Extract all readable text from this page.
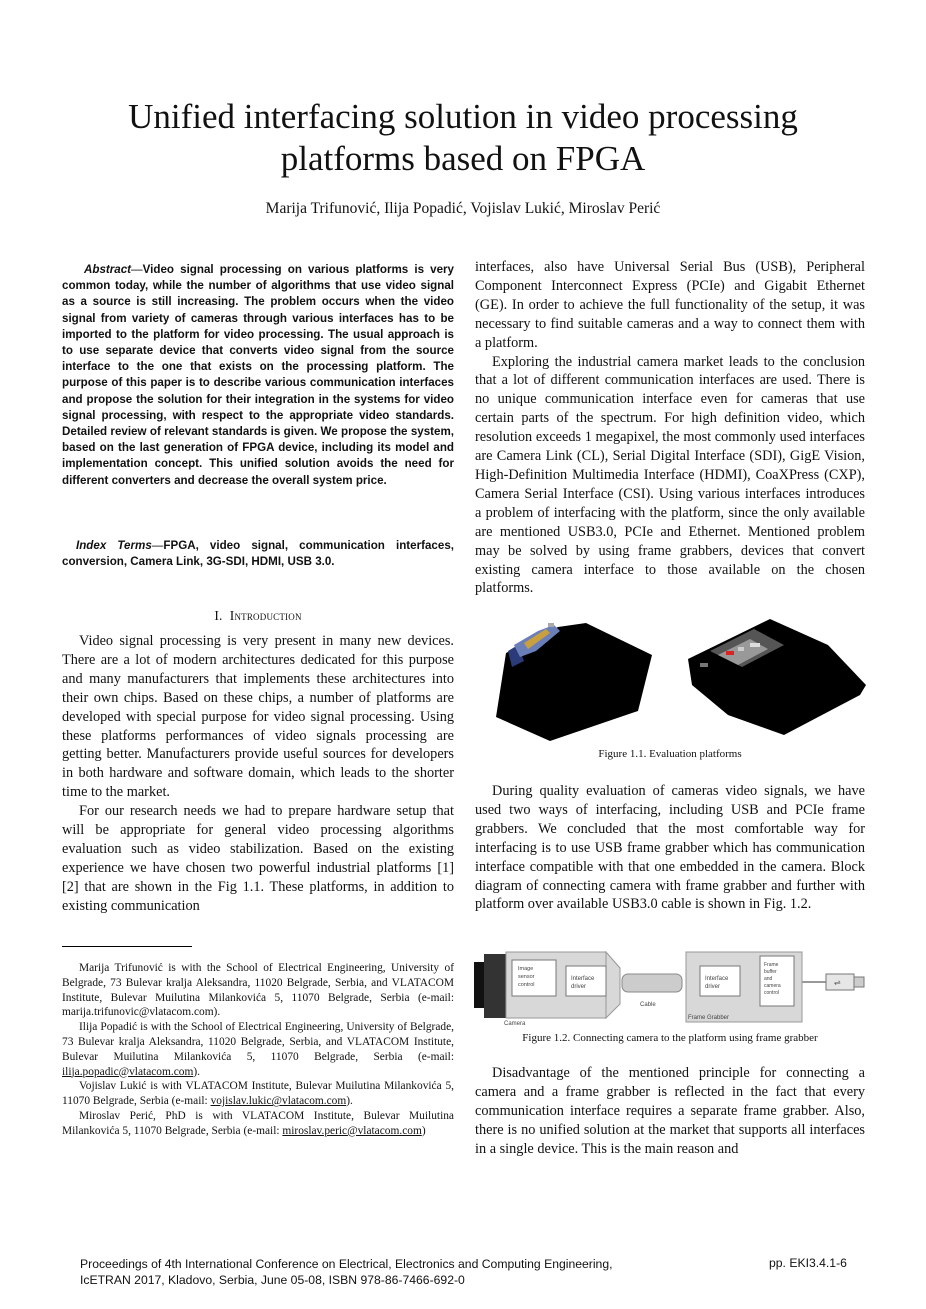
Unified interfacing solution in video processing platforms based on FPGA
Marija Trifunović, Ilija Popadić, Vojislav Lukić, Miroslav Perić
Abstract—Video signal processing on various platforms is very common today, while the number of algorithms that use video signal as a source is still increasing. The problem occurs when the video signal from variety of cameras through various interfaces has to be imported to the platform for video processing. The usual approach is to use separate device that converts video signal from the source interface to the one that exists on the processing platform. The purpose of this paper is to describe various communication interfaces and propose the solution for their integration in the systems for video signal processing, with respect to the appropriate video standards. Detailed review of relevant standards is given. We propose the system, based on the last generation of FPGA device, including its model and implementation concept. This unified solution avoids the need for different converters and decrease the overall system price.
Index Terms—FPGA, video signal, communication interfaces, conversion, Camera Link, 3G-SDI, HDMI, USB 3.0.

I. Introduction

Video signal processing is very present in many new devices. There are a lot of modern architectures dedicated for this purpose and many manufacturers that implements these architectures into their own chips. Based on these chips, a number of platforms are developed with special purpose for video signal processing. Using these platforms performances of video signals processing are getting better. Manufacturers provide useful sources for developers in both hardware and software domain, which leads to the shorter time to the market.

For our research needs we had to prepare hardware setup that will be appropriate for general video processing algorithms evaluation such as video stabilization. Based on the existing experience we have chosen two powerful industrial platforms [1] [2] that are shown in the Fig 1.1. These platforms, in addition to existing communication

Marija Trifunović is with the School of Electrical Engineering, University of Belgrade, 73 Bulevar kralja Aleksandra, 11020 Belgrade, Serbia, and VLATACOM Institute, Bulevar Muilutina Milankovića 5, 11070 Belgrade, Serbia (e-mail: marija.trifunovic@vlatacom.com).

Ilija Popadić is with the School of Electrical Engineering, University of Belgrade, 73 Bulevar kralja Aleksandra, 11020 Belgrade, Serbia, and VLATACOM Institute, Bulevar Muilutina Milankovića 5, 11070 Belgrade, Serbia (e-mail: ilija.popadic@vlatacom.com).

Vojislav Lukić is with VLATACOM Institute, Bulevar Muilutina Milankovića 5, 11070 Belgrade, Serbia (e-mail: vojislav.lukic@vlatacom.com).

Miroslav Perić, PhD is with VLATACOM Institute, Bulevar Muilutina Milankovića 5, 11070 Belgrade, Serbia (e-mail: miroslav.peric@vlatacom.com)

interfaces, also have Universal Serial Bus (USB), Peripheral Component Interconnect Express (PCIe) and Gigabit Ethernet (GE). In order to achieve the full functionality of the setup, it was necessary to find suitable cameras and a way to connect them with a platform.

Exploring the industrial camera market leads to the conclusion that a lot of different communication interfaces are used. There is no unique communication interface even for cameras that use certain parts of the spectrum. For high definition video, which resolution exceeds 1 megapixel, the most commonly used interfaces are Camera Link (CL), Serial Digital Interface (SDI), GigE Vision, High-Definition Multimedia Interface (HDMI), CoaXPress (CXP), Camera Serial Interface (CSI). Using various interfaces introduces a problem of interfacing with the platform, since the only available are mentioned USB3.0, PCIe and Ethernet. Mentioned problem may be solved by using frame grabbers, devices that convert existing camera interface to those available on the chosen platforms.

Figure 1.1. Evaluation platforms

During quality evaluation of cameras video signals, we have used two ways of interfacing, including USB and PCIe frame grabbers. We concluded that the most comfortable way for interfacing is to use USB frame grabber which has communication interface compatible with that one embedded in the camera. Block diagram of connecting camera with frame grabber and further with platform over available USB3.0 cable is shown in Fig. 1.2.

Image
sensor
control
Interface
driver
Camera
Cable
Interface
driver
Frame
buffer
and
camera
control
Frame Grabber
⇌
Figure 1.2. Connecting camera to the platform using frame grabber

Disadvantage of the mentioned principle for connecting a camera and a frame grabber is reflected in the fact that every communication interface requires a separate frame grabber. Also, there is no unified solution at the market that supports all interfaces in a single device. This is the main reason and

Proceedings of 4th International Conference on Electrical, Electronics and Computing Engineering,
IcETRAN 2017, Kladovo, Serbia, June 05-08, ISBN 978-86-7466-692-0
pp. EKI3.4.1-6
